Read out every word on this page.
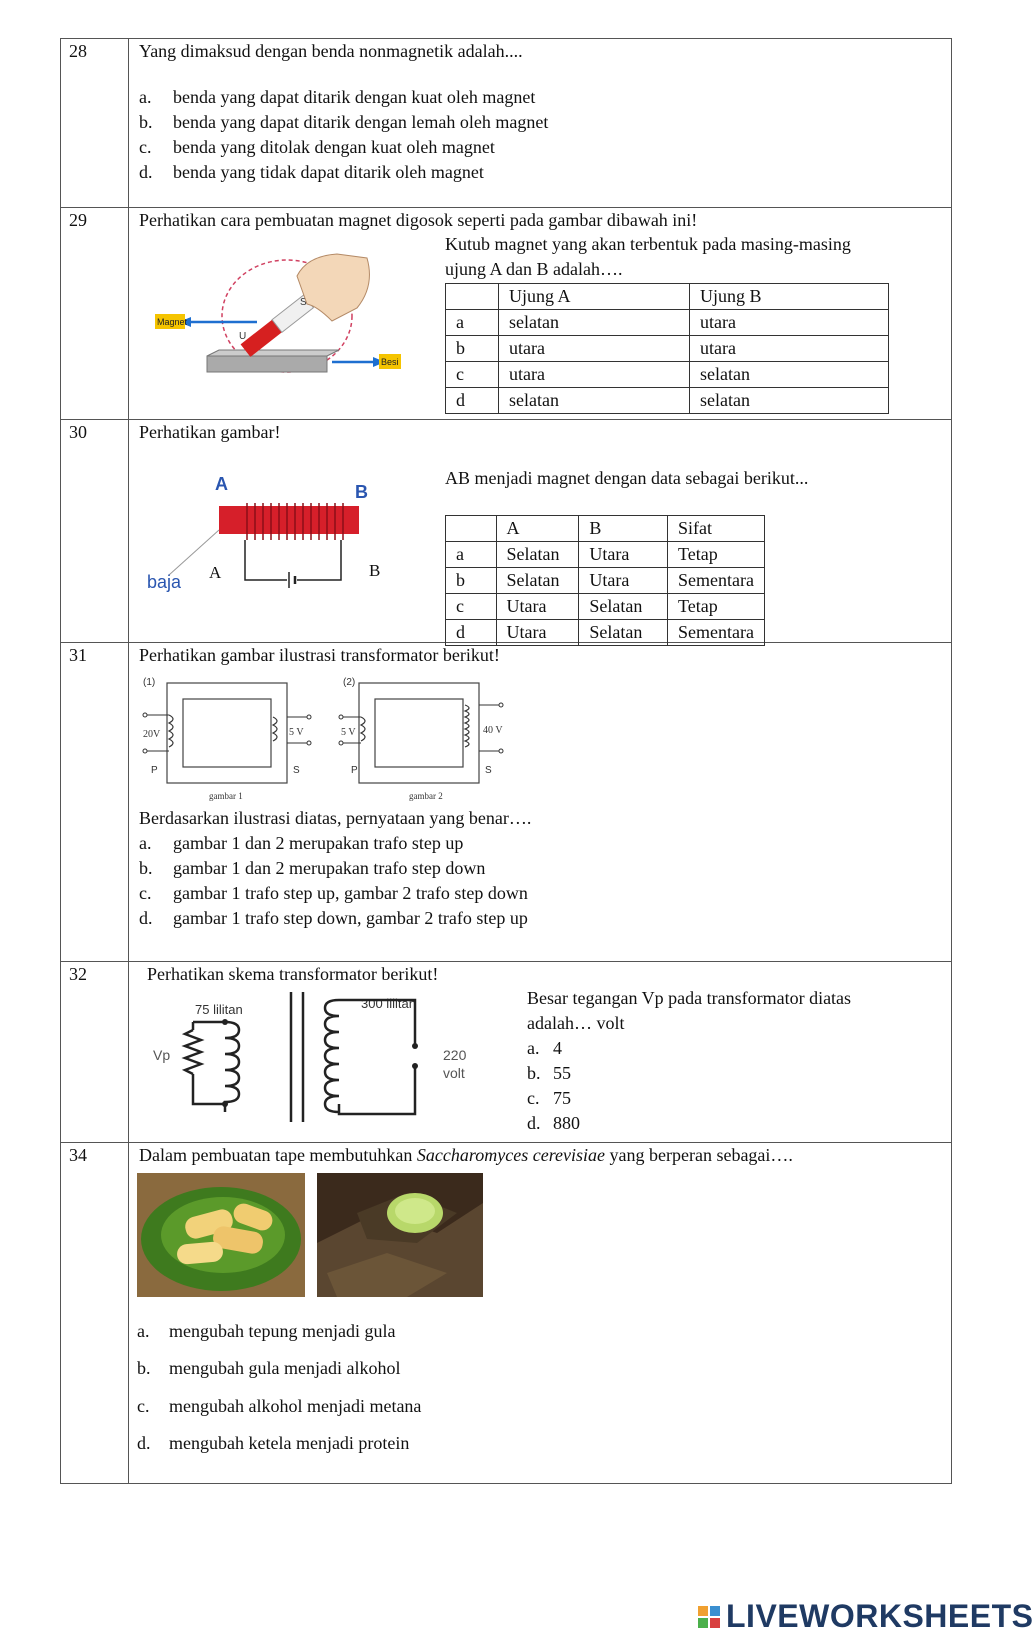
28	Yang dimaksud dengan benda nonmagnetik adalah....
a. benda yang dapat ditarik dengan kuat oleh magnet
b. benda yang dapat ditarik dengan lemah oleh magnet
c. benda yang ditolak dengan kuat oleh magnet
d. benda yang tidak dapat ditarik oleh magnet
29	Perhatikan cara pembuatan magnet digosok seperti pada gambar dibawah ini!
Magnet
Besi
S
U
Kutub magnet yang akan terbentuk pada masing-masing
ujung A dan B adalah….
	Ujung A	Ujung B
a	selatan	utara
b	utara	utara
c	utara	selatan
d	selatan	selatan
30	Perhatikan gambar!
A	B
baja A	B
AB menjadi magnet dengan data sebagai berikut...
	A	B	Sifat
a	Selatan	Utara	Tetap
b	Selatan	Utara	Sementara
c	Utara	Selatan	Tetap
d	Utara	Selatan	Sementara
31	Perhatikan gambar ilustrasi transformator berikut!
(1)
20V	5 V
P	S
gambar 1
(2)
5 V	40 V
P	S
gambar 2
Berdasarkan ilustrasi diatas, pernyataan yang benar….
a. gambar 1 dan 2 merupakan trafo step up
b. gambar 1 dan 2 merupakan trafo step down
c. gambar 1 trafo step up, gambar 2 trafo step down
d. gambar 1 trafo step down, gambar 2 trafo step up
32	Perhatikan skema transformator berikut!
75 lilitan	300 lilitan
Vp	220
volt
Besar tegangan Vp pada transformator diatas
adalah… volt
a. 4
b. 55
c. 75
d. 880
34	Dalam pembuatan tape membutuhkan Saccharomyces cerevisiae yang berperan sebagai….
a. mengubah tepung menjadi gula
b. mengubah gula menjadi alkohol
c. mengubah alkohol menjadi metana
d. mengubah ketela menjadi protein
LIVEWORKSHEETS
